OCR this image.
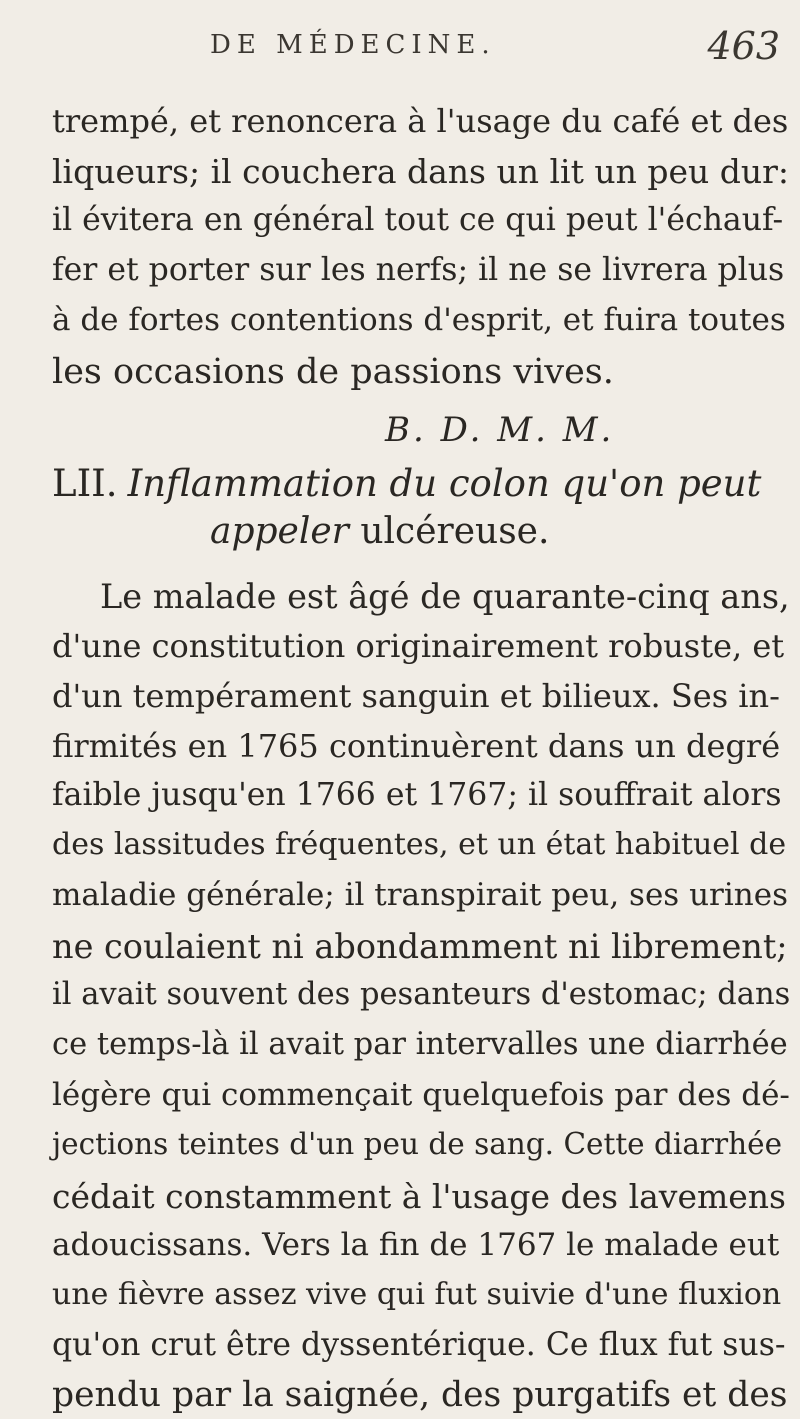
DE MÉDECINE.	463
trempé, et renoncera à l'usage du café et des
liqueurs; il couchera dans un lit un peu dur:
il évitera en général tout ce qui peut l'échauf-
fer et porter sur les nerfs; il ne se livrera plus
à de fortes contentions d'esprit, et fuira toutes
les occasions de passions vives.
B. D. M. M.
LII. Inflammation du colon qu'on peut
appeler ulcéreuse.
Le malade est âgé de quarante-cinq ans,
d'une constitution originairement robuste, et
d'un tempérament sanguin et bilieux. Ses in-
firmités en 1765 continuèrent dans un degré
faible jusqu'en 1766 et 1767; il souffrait alors
des lassitudes fréquentes, et un état habituel de
maladie générale; il transpirait peu, ses urines
ne coulaient ni abondamment ni librement;
il avait souvent des pesanteurs d'estomac; dans
ce temps-là il avait par intervalles une diarrhée
légère qui commençait quelquefois par des dé-
jections teintes d'un peu de sang. Cette diarrhée
cédait constamment à l'usage des lavemens
adoucissans. Vers la fin de 1767 le malade eut
une fièvre assez vive qui fut suivie d'une fluxion
qu'on crut être dyssentérique. Ce flux fut sus-
pendu par la saignée, des purgatifs et des
